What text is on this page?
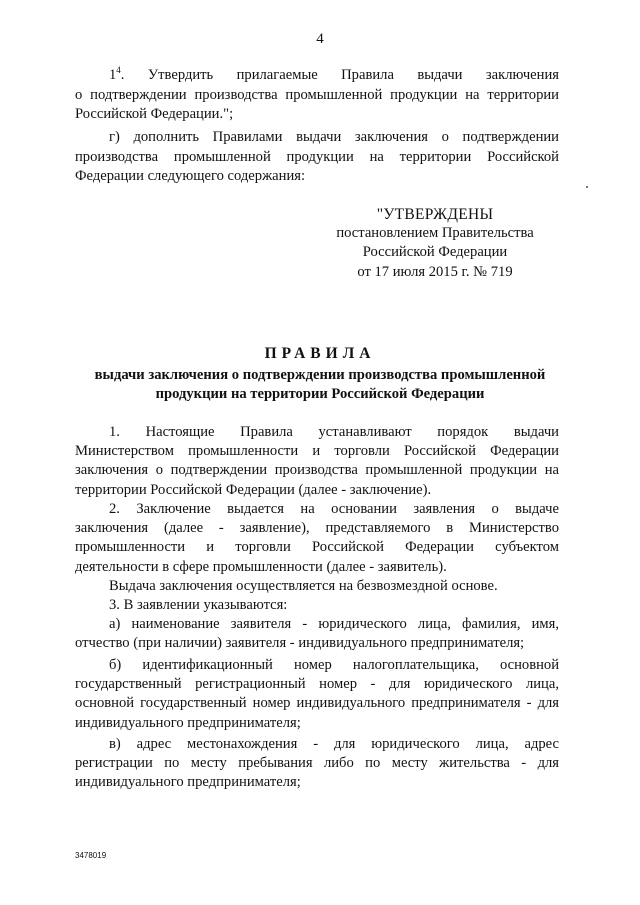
4
$1^4$. Утвердить прилагаемые Правила выдачи заключения
о подтверждении производства промышленной продукции на территории Российской Федерации.";
г) дополнить Правилами выдачи заключения о подтверждении
производства промышленной продукции на территории Российской
Федерации следующего содержания:
"УТВЕРЖДЕНЫ
постановлением Правительства
Российской Федерации
от 17 июля 2015 г. № 719
ПРАВИЛА
выдачи заключения о подтверждении производства промышленной
продукции на территории Российской Федерации
1. Настоящие Правила устанавливают порядок выдачи
Министерством промышленности и торговли Российской Федерации заключения о подтверждении производства промышленной продукции на
территории Российской Федерации (далее - заключение).
2. Заключение выдается на основании заявления о выдаче
заключения (далее - заявление), представляемого в Министерство промышленности и торговли Российской Федерации субъектом
деятельности в сфере промышленности (далее - заявитель).
Выдача заключения осуществляется на безвозмездной основе.
3. В заявлении указываются:
а) наименование заявителя - юридического лица, фамилия, имя,
отчество (при наличии) заявителя - индивидуального предпринимателя;
б) идентификационный номер налогоплательщика, основной
государственный регистрационный номер - для юридического лица, основной государственный номер индивидуального предпринимателя - для
индивидуального предпринимателя;
в) адрес местонахождения - для юридического лица, адрес
регистрации по месту пребывания либо по месту жительства - для
индивидуального предпринимателя;
3478019
